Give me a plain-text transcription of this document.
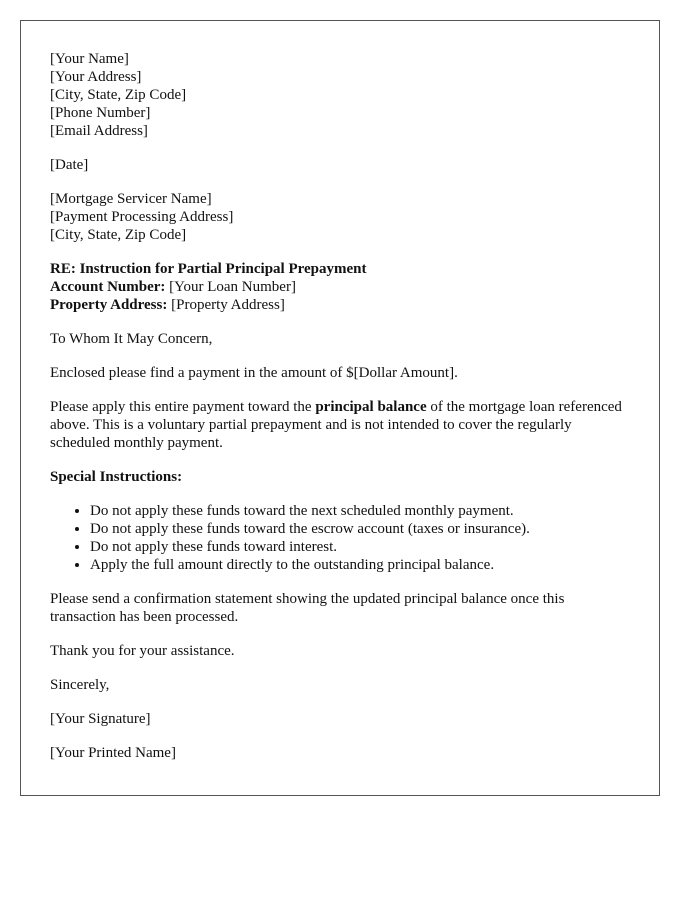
[Your Name]
[Your Address]
[City, State, Zip Code]
[Phone Number]
[Email Address]
[Date]
[Mortgage Servicer Name]
[Payment Processing Address]
[City, State, Zip Code]
RE: Instruction for Partial Principal Prepayment
Account Number: [Your Loan Number]
Property Address: [Property Address]

To Whom It May Concern,

Enclosed please find a payment in the amount of $[Dollar Amount].

Please apply this entire payment toward the principal balance of the mortgage loan referenced above. This is a voluntary partial prepayment and is not intended to cover the regularly scheduled monthly payment.

Special Instructions:

• Do not apply these funds toward the next scheduled monthly payment.
• Do not apply these funds toward the escrow account (taxes or insurance).
• Do not apply these funds toward interest.
• Apply the full amount directly to the outstanding principal balance.

Please send a confirmation statement showing the updated principal balance once this transaction has been processed.

Thank you for your assistance.

Sincerely,

[Your Signature]

[Your Printed Name]
